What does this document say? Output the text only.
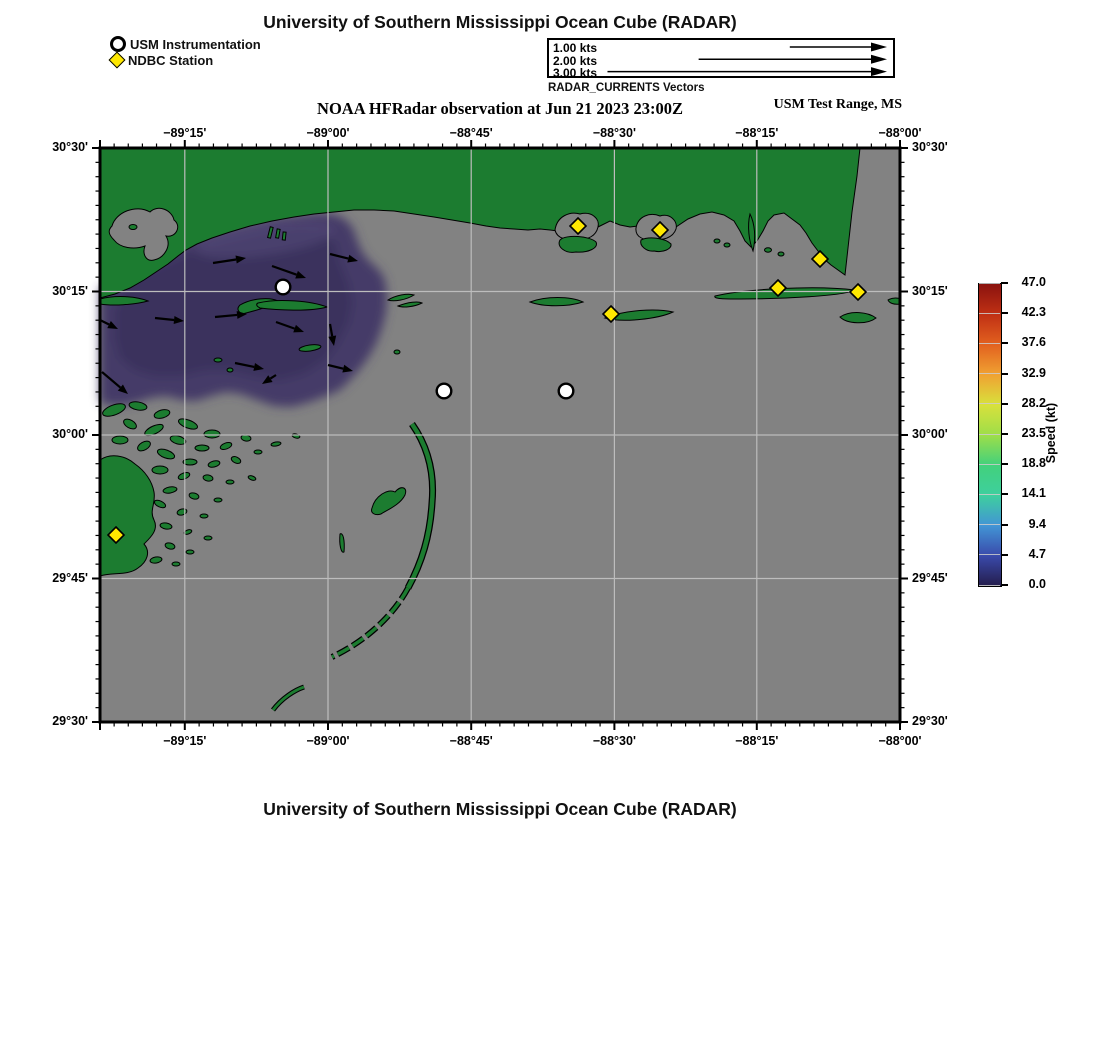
University of Southern Mississippi Ocean Cube (RADAR)
University of Southern Mississippi Ocean Cube (RADAR)
USM Instrumentation
NDBC Station
1.00 kts
2.00 kts
3.00 kts
RADAR_CURRENTS Vectors
NOAA HFRadar observation at Jun 21 2023 23:00Z	USM Test Range, MS
−89°15'
−89°15'
−89°00'
−89°00'
−88°45'
−88°45'
−88°30'
−88°30'
−88°15'
−88°15'
−88°00'
−88°00'
30°30'	30°30'
30°15'	30°15'
30°00'	30°00'
29°45'	29°45'
29°30'	29°30'
47.0
42.3
37.6
32.9
28.2
23.5
18.8
14.1
9.4
4.7
0.0
Speed (kt)
